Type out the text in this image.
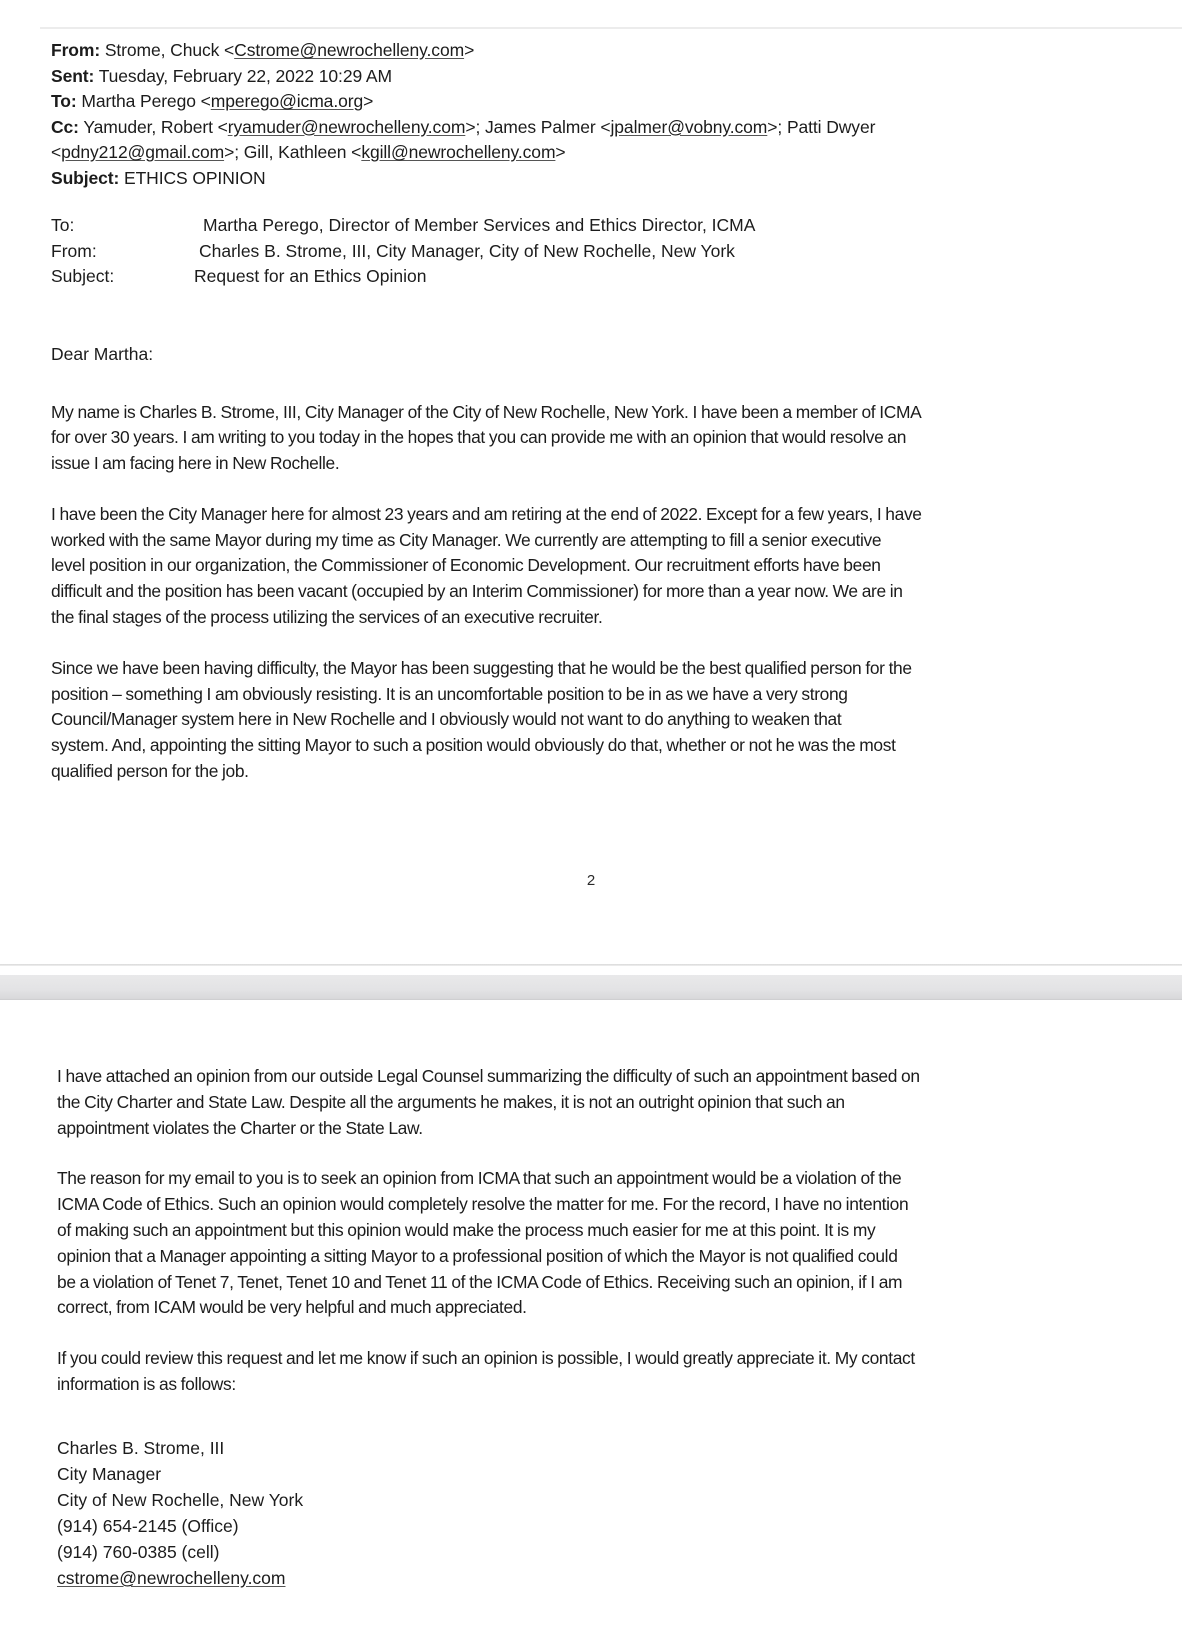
From: Strome, Chuck <Cstrome@newrochelleny.com>
Sent: Tuesday, February 22, 2022 10:29 AM
To: Martha Perego <mperego@icma.org>
Cc: Yamuder, Robert <ryamuder@newrochelleny.com>; James Palmer <jpalmer@vobny.com>; Patti Dwyer
<pdny212@gmail.com>; Gill, Kathleen <kgill@newrochelleny.com>
Subject: ETHICS OPINION
To:	Martha Perego, Director of Member Services and Ethics Director, ICMA
From:	Charles B. Strome, III, City Manager, City of New Rochelle, New York
Subject:	Request for an Ethics Opinion
Dear Martha:

My name is Charles B. Strome, III, City Manager of the City of New Rochelle, New York. I have been a member of ICMA
for over 30 years. I am writing to you today in the hopes that you can provide me with an opinion that would resolve an
issue I am facing here in New Rochelle.

I have been the City Manager here for almost 23 years and am retiring at the end of 2022. Except for a few years, I have
worked with the same Mayor during my time as City Manager. We currently are attempting to fill a senior executive
level position in our organization, the Commissioner of Economic Development. Our recruitment efforts have been
difficult and the position has been vacant (occupied by an Interim Commissioner) for more than a year now. We are in
the final stages of the process utilizing the services of an executive recruiter.

Since we have been having difficulty, the Mayor has been suggesting that he would be the best qualified person for the
position – something I am obviously resisting. It is an uncomfortable position to be in as we have a very strong
Council/Manager system here in New Rochelle and I obviously would not want to do anything to weaken that
system. And, appointing the sitting Mayor to such a position would obviously do that, whether or not he was the most
qualified person for the job.

2

I have attached an opinion from our outside Legal Counsel summarizing the difficulty of such an appointment based on
the City Charter and State Law. Despite all the arguments he makes, it is not an outright opinion that such an
appointment violates the Charter or the State Law.

The reason for my email to you is to seek an opinion from ICMA that such an appointment would be a violation of the
ICMA Code of Ethics. Such an opinion would completely resolve the matter for me. For the record, I have no intention
of making such an appointment but this opinion would make the process much easier for me at this point. It is my
opinion that a Manager appointing a sitting Mayor to a professional position of which the Mayor is not qualified could
be a violation of Tenet 7, Tenet, Tenet 10 and Tenet 11 of the ICMA Code of Ethics. Receiving such an opinion, if I am
correct, from ICAM would be very helpful and much appreciated.

If you could review this request and let me know if such an opinion is possible, I would greatly appreciate it. My contact
information is as follows:

Charles B. Strome, III
City Manager
City of New Rochelle, New York
(914) 654-2145 (Office)
(914) 760-0385 (cell)
cstrome@newrochelleny.com
